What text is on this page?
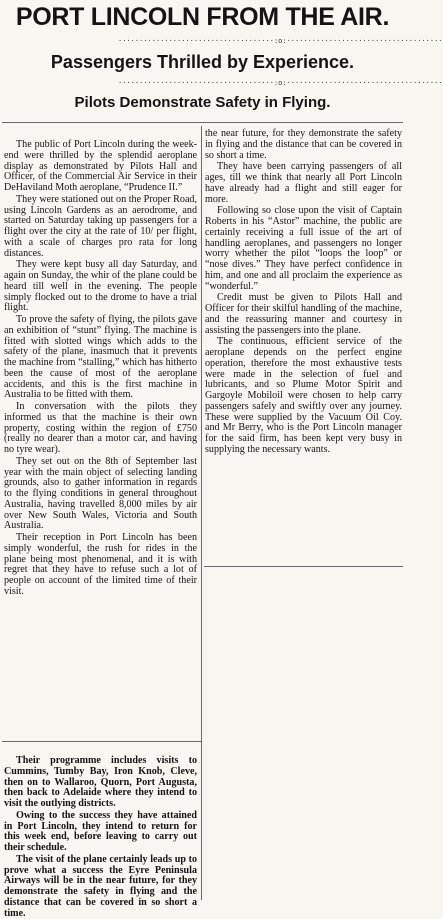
PORT LINCOLN FROM THE AIR.
·····································:o:·····································
Passengers Thrilled by Experience.
·····································:o:·····································
Pilots Demonstrate Safety in Flying.

The public of Port Lincoln during the week-end were thrilled by the splendid aeroplane display as demonstrated by Pilots Hall and Officer, of the Commercial Air Service in their DeHaviland Moth aeroplane, “Prudence II.”

They were stationed out on the Proper Road, using Lincoln Gardens as an aerodrome, and started on Saturday taking up passengers for a flight over the city at the rate of 10/ per flight, with a scale of charges pro rata for long distances.

They were kept busy all day Saturday, and again on Sunday, the whir of the plane could be heard till well in the evening. The people simply flocked out to the drome to have a trial flight.

To prove the safety of flying, the pilots gave an exhibition of “stunt” flying. The machine is fitted with slotted wings which adds to the safety of the plane, inasmuch that it prevents the machine from “stalling,” which has hitherto been the cause of most of the aeroplane accidents, and this is the first machine in Australia to be fitted with them.

In conversation with the pilots they informed us that the machine is their own property, costing within the region of £750 (really no dearer than a motor car, and having no tyre wear).

They set out on the 8th of September last year with the main object of selecting landing grounds, also to gather information in regards to the flying conditions in general throughout Australia, having travelled 8,000 miles by air over New South Wales, Victoria and South Australia.

Their reception in Port Lincoln has been simply wonderful, the rush for rides in the plane being most phenomenal, and it is with regret that they have to refuse such a lot of people on account of the limited time of their visit.

Their programme includes visits to Cummins, Tumby Bay, Iron Knob, Cleve, then on to Wallaroo, Quorn, Port Augusta, then back to Adelaide where they intend to visit the outlying districts.

Owing to the success they have attained in Port Lincoln, they intend to return for this week end, before leaving to carry out their schedule.

The visit of the plane certainly leads up to prove what a success the Eyre Peninsula Airways will be in the near future, for they demonstrate the safety in flying and the distance that can be covered in so short a time.

the near future, for they demonstrate the safety in flying and the distance that can be covered in so short a time.

They have been carrying passengers of all ages, till we think that nearly all Port Lincoln have already had a flight and still eager for more.

Following so close upon the visit of Captain Roberts in his “Astor” machine, the public are certainly receiving a full issue of the art of handling aeroplanes, and passengers no longer worry whether the pilot “loops the loop” or “nose dives.” They have perfect confidence in him, and one and all proclaim the experience as “wonderful.”

Credit must be given to Pilots Hall and Officer for their skilful handling of the machine, and the reassuring manner and courtesy in assisting the passengers into the plane.

The continuous, efficient service of the aeroplane depends on the perfect engine operation, therefore the most exhaustive tests were made in the selection of fuel and lubricants, and so Plume Motor Spirit and Gargoyle Mobiloil were chosen to help carry passengers safely and swiftly over any journey. These were supplied by the Vacuum Oil Coy. and Mr Berry, who is the Port Lincoln manager for the said firm, has been kept very busy in supplying the necessary wants.
